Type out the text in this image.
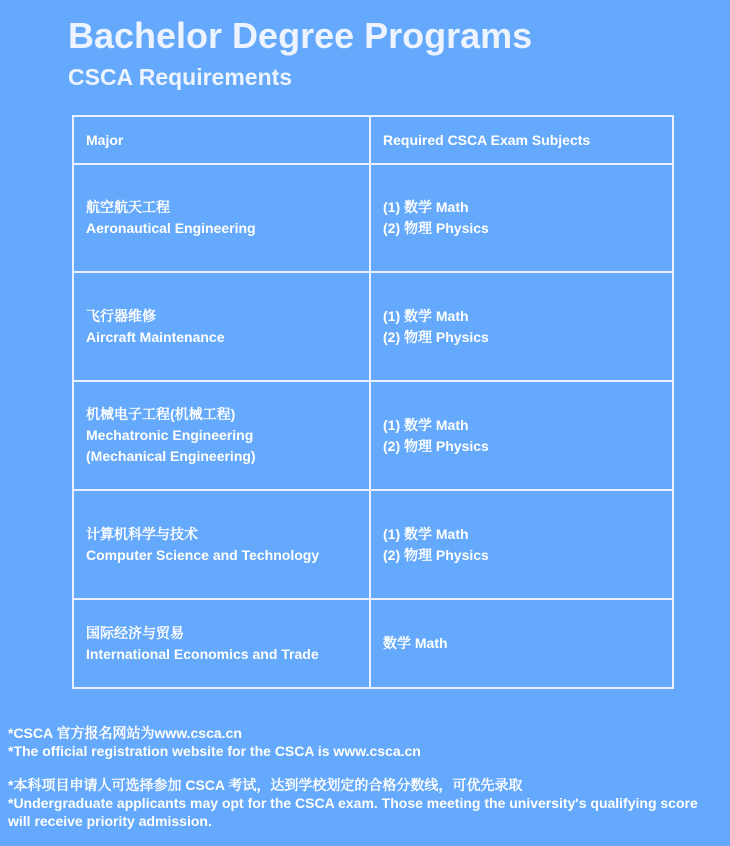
Bachelor Degree Programs
CSCA Requirements
Major	Required CSCA Exam Subjects

航空航天工程
Aeronautical Engineering	(1) 数学 Math
(2) 物理 Physics

飞行器维修
Aircraft Maintenance	(1) 数学 Math
(2) 物理 Physics

机械电子工程(机械工程)
Mechatronic Engineering
(Mechanical Engineering)	(1) 数学 Math
(2) 物理 Physics

计算机科学与技术
Computer Science and Technology	(1) 数学 Math
(2) 物理 Physics

国际经济与贸易
International Economics and Trade	数学 Math
*CSCA 官方报名网站为www.csca.cn
*The official registration website for the CSCA is www.csca.cn
*本科项目申请人可选择参加 CSCA 考试，达到学校划定的合格分数线，可优先录取
*Undergraduate applicants may opt for the CSCA exam. Those meeting the university's qualifying score will receive priority admission.
